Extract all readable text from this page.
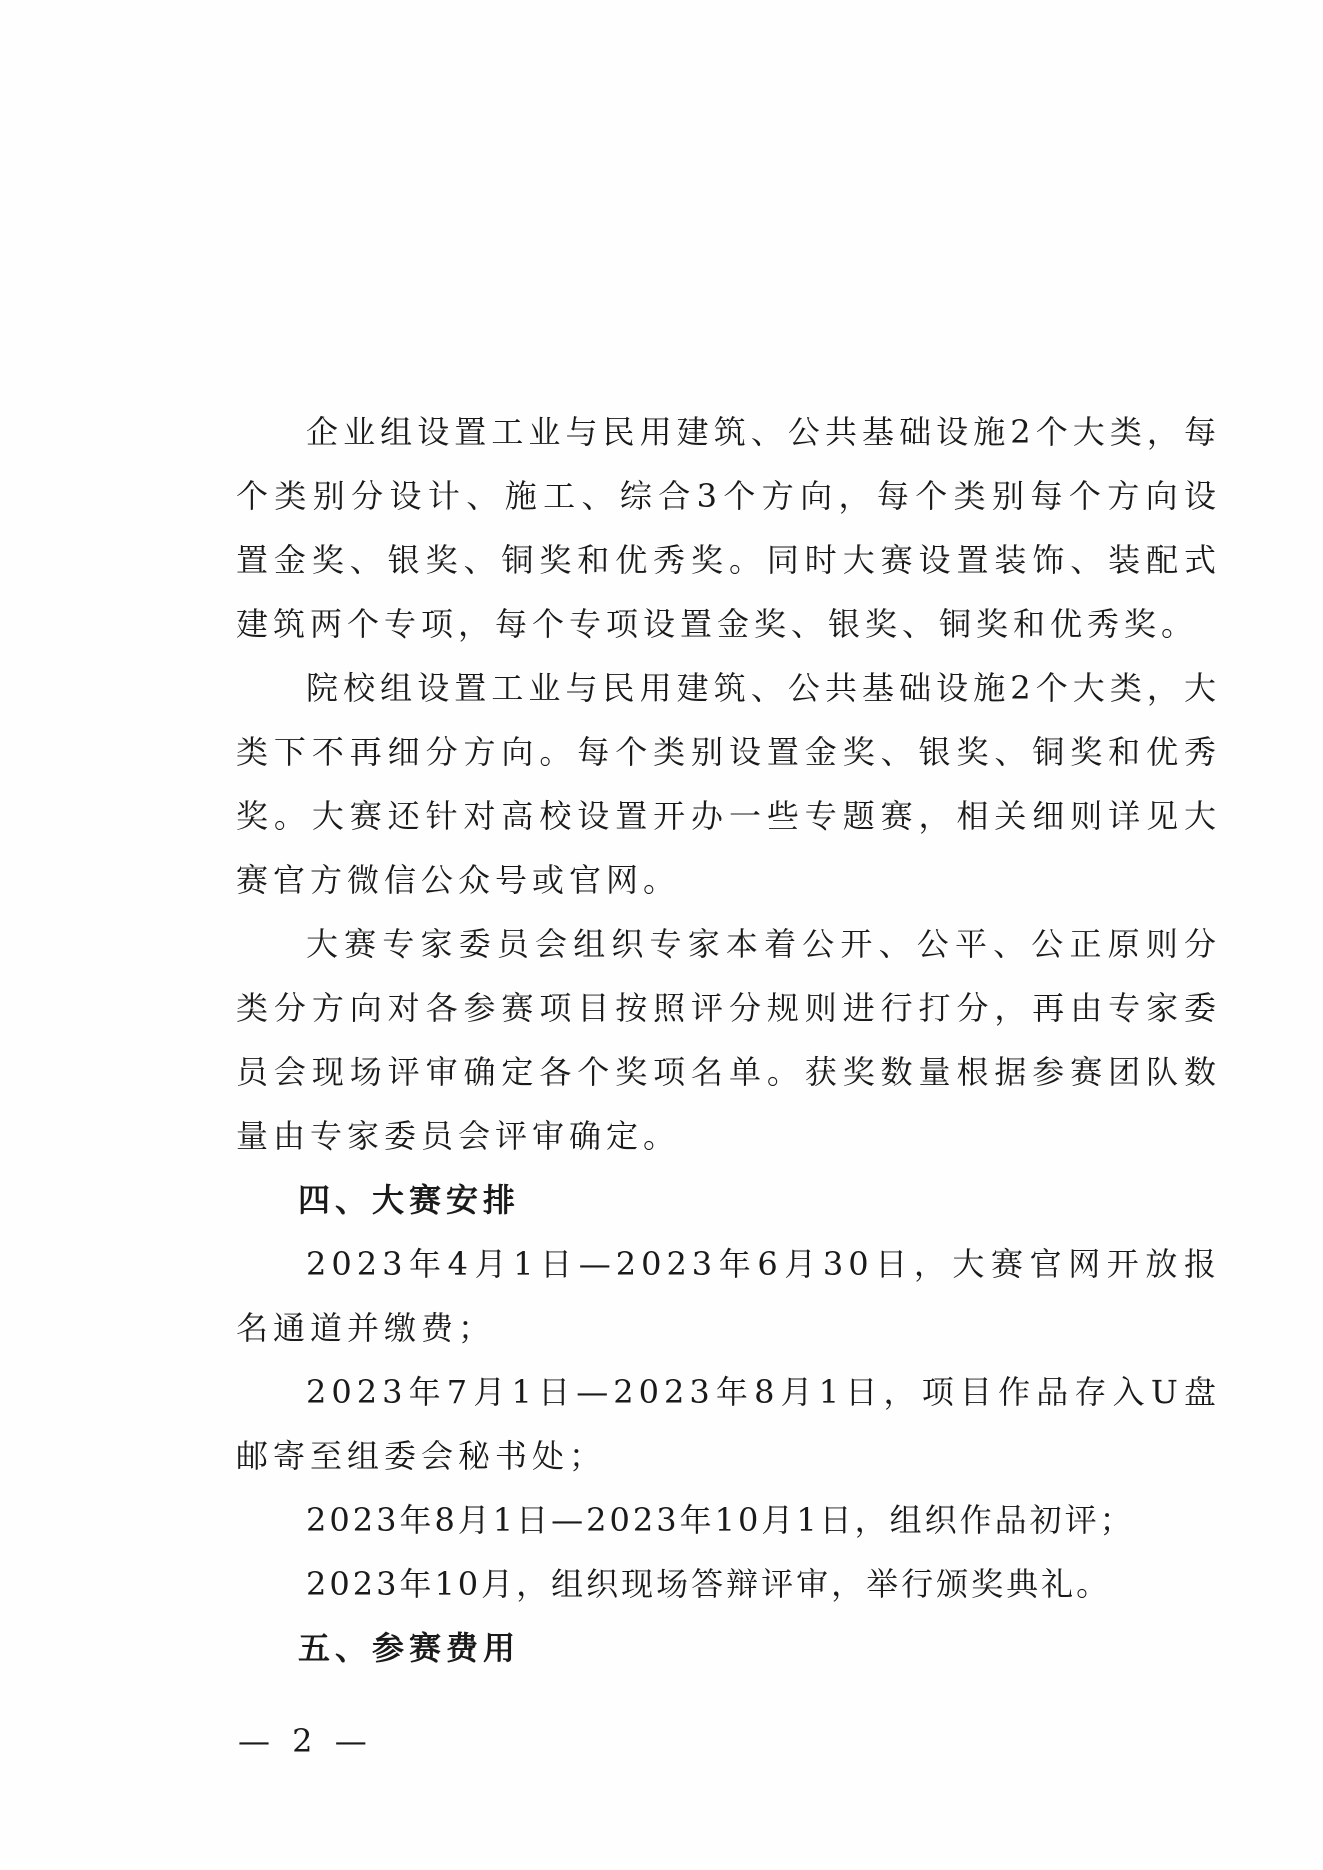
企业组设置工业与民用建筑、公共基础设施2个大类，每个类别分设计、施工、综合3个方向，每个类别每个方向设置金奖、银奖、铜奖和优秀奖。同时大赛设置装饰、装配式建筑两个专项，每个专项设置金奖、银奖、铜奖和优秀奖。

院校组设置工业与民用建筑、公共基础设施2个大类，大类下不再细分方向。每个类别设置金奖、银奖、铜奖和优秀奖。大赛还针对高校设置开办一些专题赛，相关细则详见大赛官方微信公众号或官网。

大赛专家委员会组织专家本着公开、公平、公正原则分类分方向对各参赛项目按照评分规则进行打分，再由专家委员会现场评审确定各个奖项名单。获奖数量根据参赛团队数量由专家委员会评审确定。

四、大赛安排

2023年4月1日—2023年6月30日，大赛官网开放报名通道并缴费；

2023年7月1日—2023年8月1日，项目作品存入U盘邮寄至组委会秘书处；

2023年8月1日—2023年10月1日，组织作品初评；

2023年10月，组织现场答辩评审，举行颁奖典礼。

五、参赛费用

— 2 —
